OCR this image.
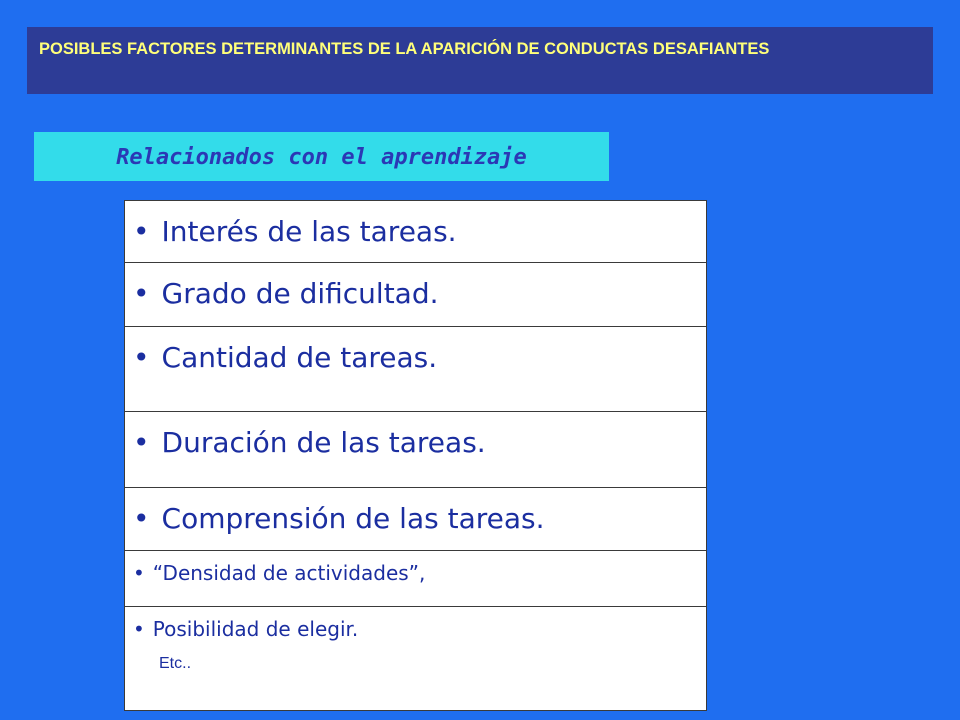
POSIBLES FACTORES DETERMINANTES DE LA APARICIÓN DE CONDUCTAS DESAFIANTES

Relacionados con el aprendizaje
• Interés de las tareas.
• Grado de dificultad.
• Cantidad de tareas.
• Duración de las tareas.
• Comprensión de las tareas.
• “Densidad de actividades”,
• Posibilidad de elegir.
Etc..
